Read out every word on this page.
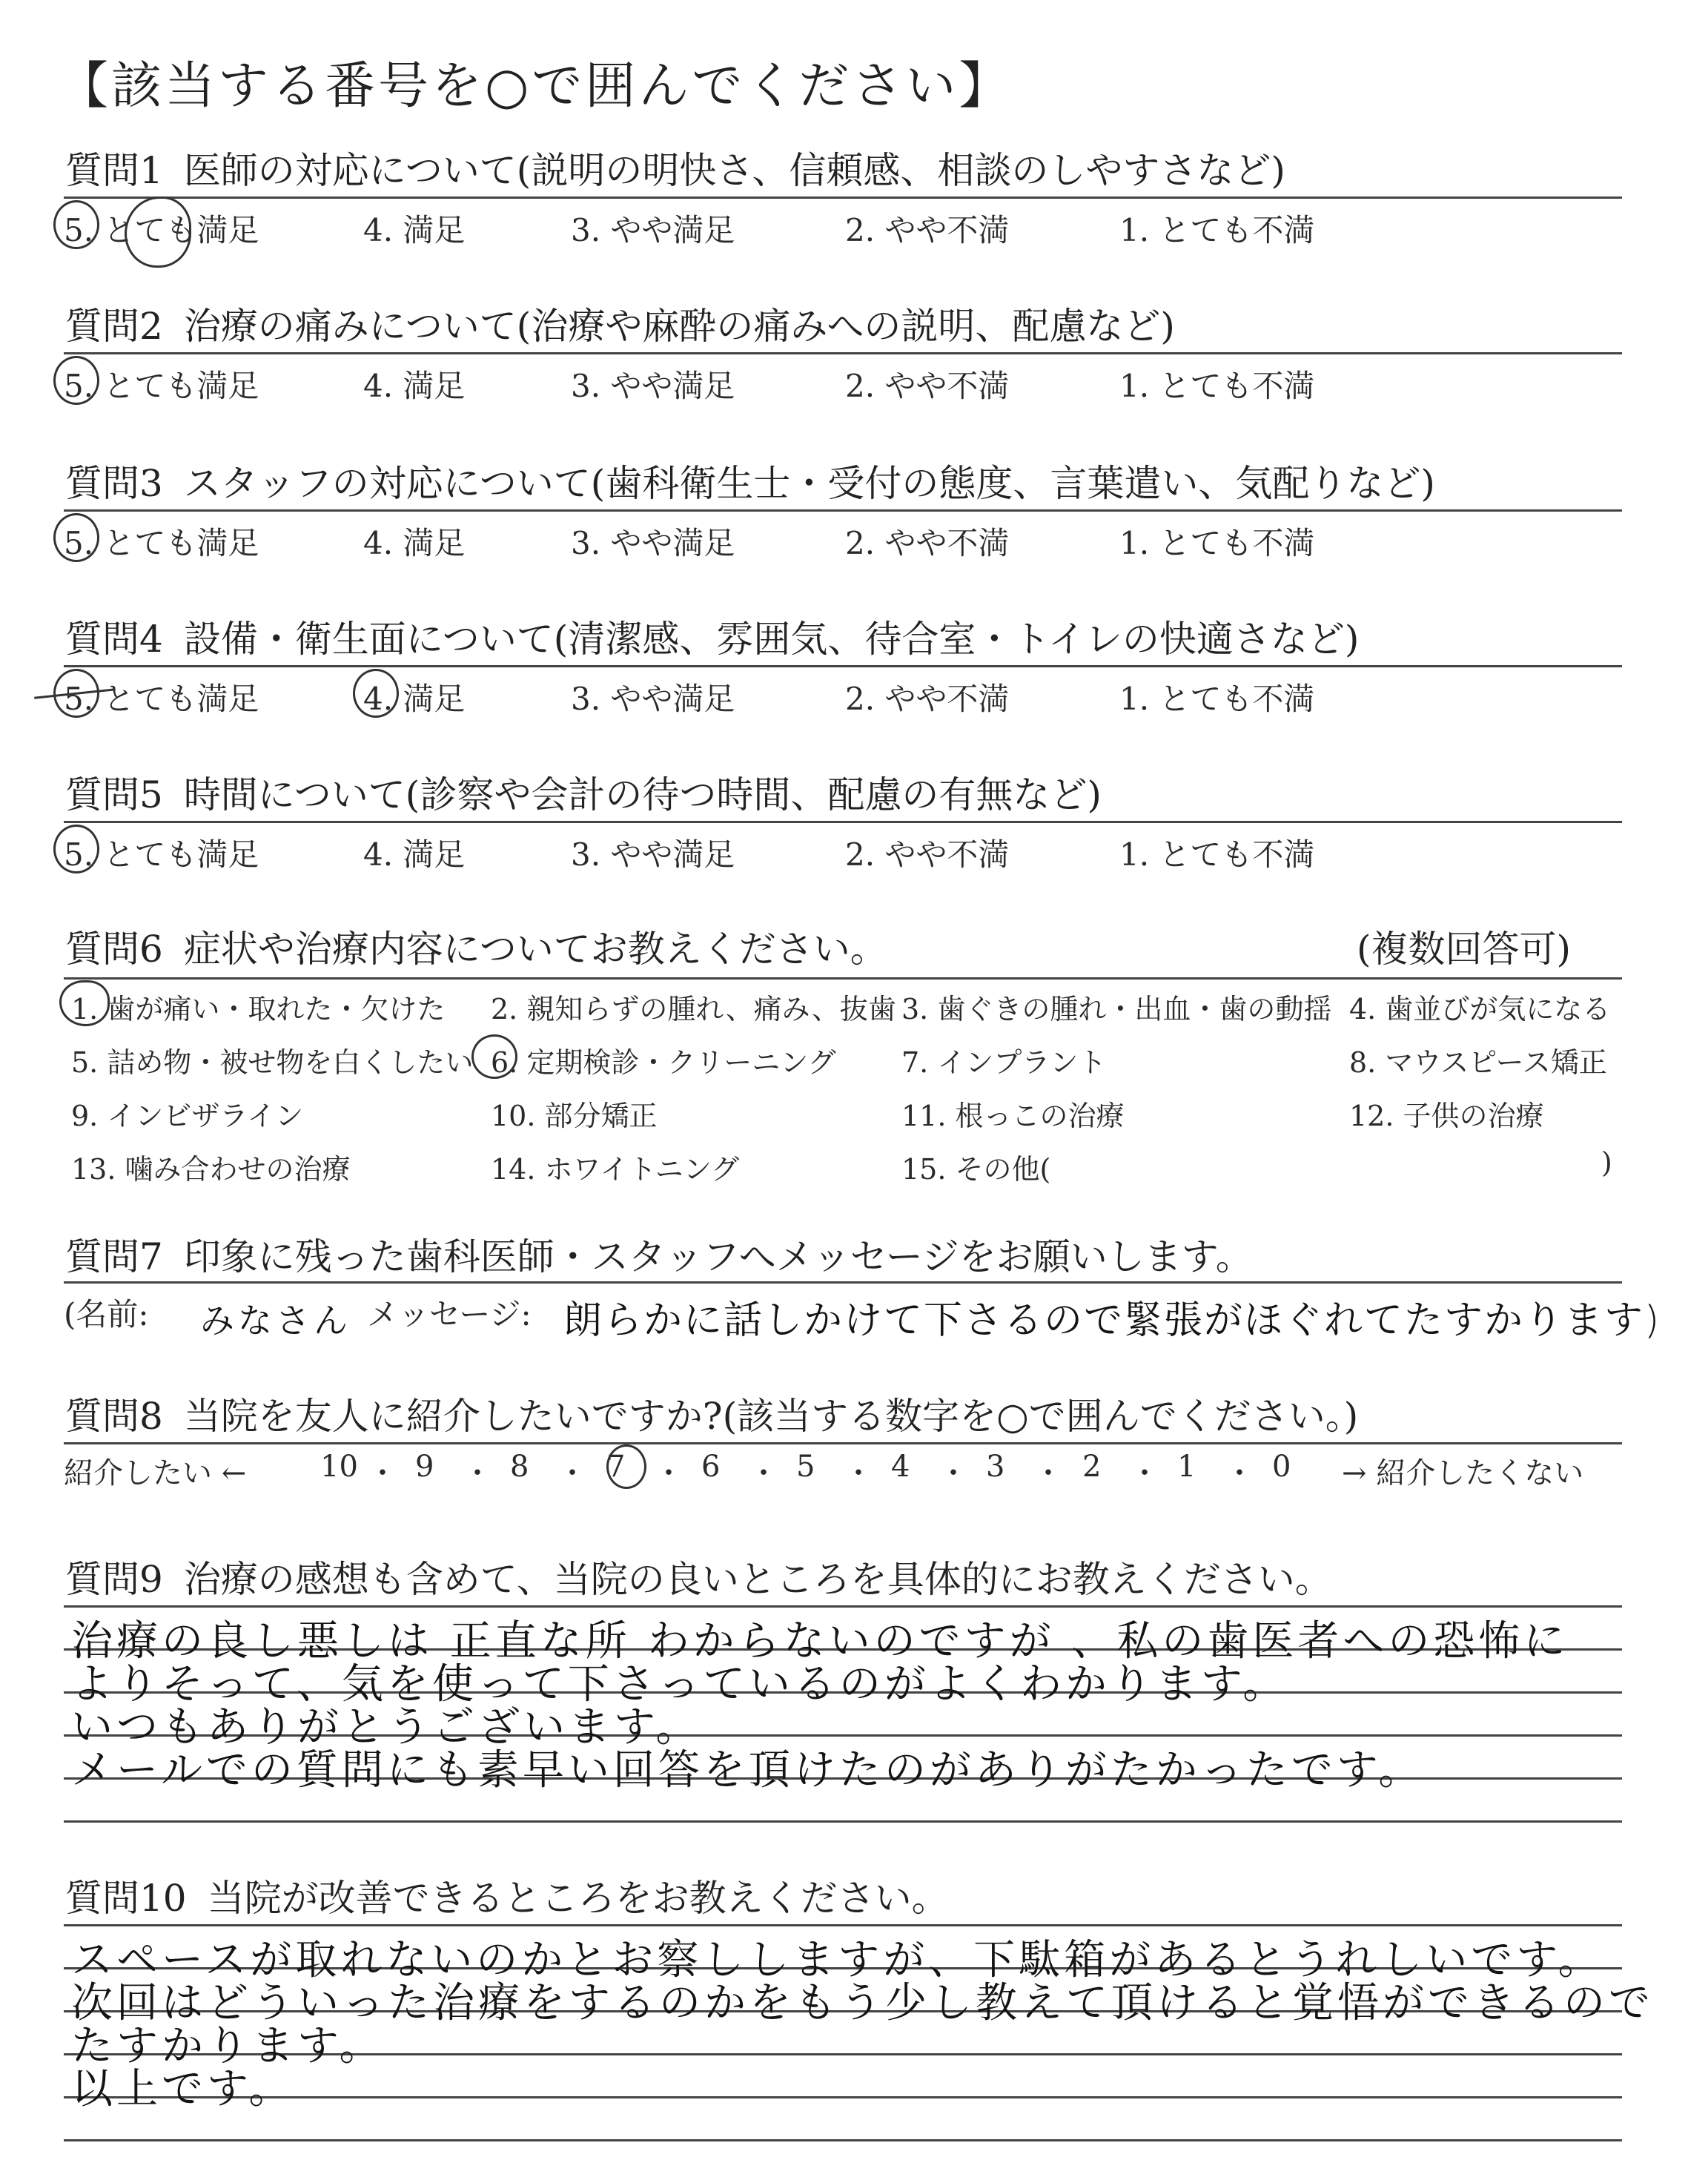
【該当する番号を○で囲んでください】
質問1 医師の対応について(説明の明快さ、信頼感、相談のしやすさなど)
5. とても満足	4. 満足	3. やや満足	2. やや不満	1. とても不満
質問2 治療の痛みについて(治療や麻酔の痛みへの説明、配慮など)
5. とても満足	4. 満足	3. やや満足	2. やや不満	1. とても不満
質問3 スタッフの対応について(歯科衛生士・受付の態度、言葉遣い、気配りなど)
5. とても満足	4. 満足	3. やや満足	2. やや不満	1. とても不満
質問4 設備・衛生面について(清潔感、雰囲気、待合室・トイレの快適さなど)
5. とても満足	4. 満足	3. やや満足	2. やや不満	1. とても不満
質問5 時間について(診察や会計の待つ時間、配慮の有無など)
5. とても満足	4. 満足	3. やや満足	2. やや不満	1. とても不満
質問6 症状や治療内容についてお教えください。	(複数回答可)
1. 歯が痛い・取れた・欠けた 2. 親知らずの腫れ、痛み、抜歯 3. 歯ぐきの腫れ・出血・歯の動揺 4. 歯並びが気になる
5. 詰め物・被せ物を白くしたい 6. 定期検診・クリーニング 7. インプラント	8. マウスピース矯正
9. インビザライン	10. 部分矯正	11. 根っこの治療	12. 子供の治療
13. 噛み合わせの治療	14. ホワイトニング	15. その他(	)
質問7 印象に残った歯科医師・スタッフへメッセージをお願いします。
(名前: みなさん メッセージ: 朗らかに話しかけて下さるので緊張がほぐれてたすかります)
質問8 当院を友人に紹介したいですか?(該当する数字を○で囲んでください。)
紹介したい ←	→ 紹介したくない
10 ・ 9 ・ 8 ・ 7 ・ 6 ・ 5 ・ 4 ・ 3 ・ 2 ・ 1 ・ 0
質問9 治療の感想も含めて、当院の良いところを具体的にお教えください。
治療の良し悪しは 正直な所 わからないのですが 、私の歯医者への恐怖に
よりそって、気を使って下さっているのがよくわかります。
いつもありがとうございます。
メールでの質問にも素早い回答を頂けたのがありがたかったです。
質問10 当院が改善できるところをお教えください。
スペースが取れないのかとお察ししますが、下駄箱があるとうれしいです。
次回はどういった治療をするのかをもう少し教えて頂けると覚悟ができるので
たすかります。
以上です。
